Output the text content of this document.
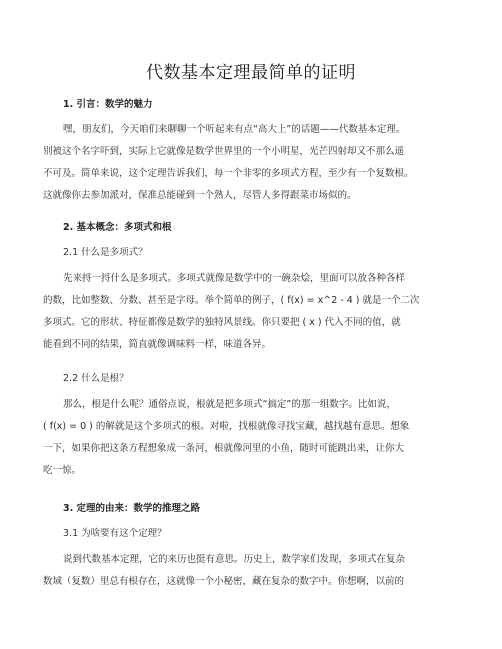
代数基本定理最简单的证明
1. 引言：数学的魅力
嘿，朋友们，今天咱们来聊聊一个听起来有点“高大上”的话题——代数基本定理。
别被这个名字吓到，实际上它就像是数学世界里的一个小明星，光芒四射却又不那么遥
不可及。简单来说，这个定理告诉我们，每一个非零的多项式方程，至少有一个复数根。
这就像你去参加派对，保准总能碰到一个熟人，尽管人多得跟菜市场似的。
2. 基本概念：多项式和根
2.1 什么是多项式？
先来捋一捋什么是多项式。多项式就像是数学中的一碗杂烩，里面可以放各种各样
的数，比如整数、分数、甚至是字母。举个简单的例子，( f(x) = x^2 - 4 ) 就是一个二次
多项式。它的形状、特征都像是数学的独特风景线。你只要把 ( x ) 代入不同的值，就
能看到不同的结果，简直就像调味料一样，味道各异。
2.2 什么是根？
那么，根是什么呢？通俗点说，根就是把多项式“搞定”的那一组数字。比如说，
( f(x) = 0 ) 的解就是这个多项式的根。对啦，找根就像寻找宝藏，越找越有意思。想象
一下，如果你把这条方程想象成一条河，根就像河里的小鱼，随时可能跳出来，让你大
吃一惊。
3. 定理的由来：数学的推理之路
3.1 为啥要有这个定理？
说到代数基本定理，它的来历也挺有意思。历史上，数学家们发现，多项式在复杂
数域（复数）里总有根存在，这就像一个小秘密，藏在复杂的数字中。你想啊，以前的
